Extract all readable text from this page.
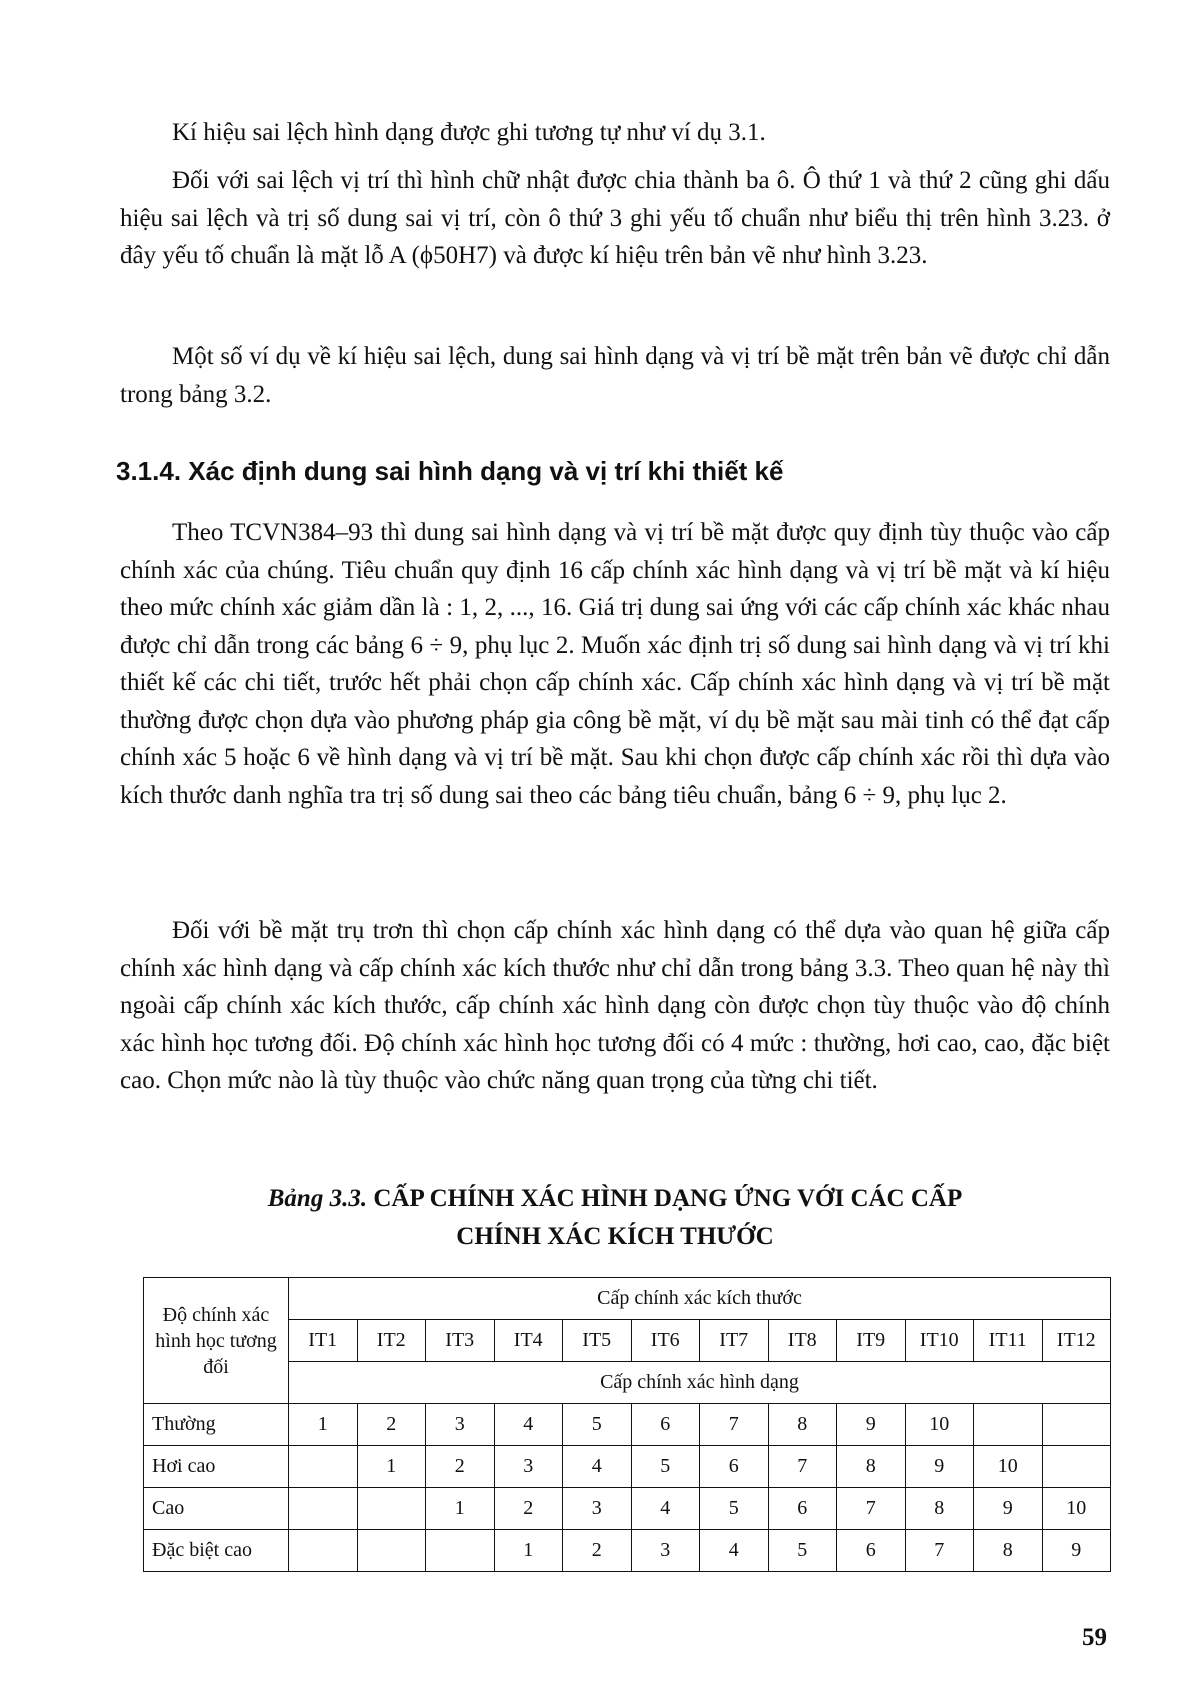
Kí hiệu sai lệch hình dạng được ghi tương tự như ví dụ 3.1.

Đối với sai lệch vị trí thì hình chữ nhật được chia thành ba ô. Ô thứ 1 và thứ 2 cũng ghi dấu hiệu sai lệch và trị số dung sai vị trí, còn ô thứ 3 ghi yếu tố chuẩn như biểu thị trên hình 3.23. ở đây yếu tố chuẩn là mặt lỗ A (ϕ50H7) và được kí hiệu trên bản vẽ như hình 3.23.

Một số ví dụ về kí hiệu sai lệch, dung sai hình dạng và vị trí bề mặt trên bản vẽ được chỉ dẫn trong bảng 3.2.

3.1.4. Xác định dung sai hình dạng và vị trí khi thiết kế

Theo TCVN384–93 thì dung sai hình dạng và vị trí bề mặt được quy định tùy thuộc vào cấp chính xác của chúng. Tiêu chuẩn quy định 16 cấp chính xác hình dạng và vị trí bề mặt và kí hiệu theo mức chính xác giảm dần là : 1, 2, ..., 16. Giá trị dung sai ứng với các cấp chính xác khác nhau được chỉ dẫn trong các bảng 6 ÷ 9, phụ lục 2. Muốn xác định trị số dung sai hình dạng và vị trí khi thiết kế các chi tiết, trước hết phải chọn cấp chính xác. Cấp chính xác hình dạng và vị trí bề mặt thường được chọn dựa vào phương pháp gia công bề mặt, ví dụ bề mặt sau mài tinh có thể đạt cấp chính xác 5 hoặc 6 về hình dạng và vị trí bề mặt. Sau khi chọn được cấp chính xác rồi thì dựa vào kích thước danh nghĩa tra trị số dung sai theo các bảng tiêu chuẩn, bảng 6 ÷ 9, phụ lục 2.

Đối với bề mặt trụ trơn thì chọn cấp chính xác hình dạng có thể dựa vào quan hệ giữa cấp chính xác hình dạng và cấp chính xác kích thước như chỉ dẫn trong bảng 3.3. Theo quan hệ này thì ngoài cấp chính xác kích thước, cấp chính xác hình dạng còn được chọn tùy thuộc vào độ chính xác hình học tương đối. Độ chính xác hình học tương đối có 4 mức : thường, hơi cao, cao, đặc biệt cao. Chọn mức nào là tùy thuộc vào chức năng quan trọng của từng chi tiết.

Bảng 3.3. CẤP CHÍNH XÁC HÌNH DẠNG ỨNG VỚI CÁC CẤP
CHÍNH XÁC KÍCH THƯỚC
Độ chính xác hình học tương đối	Cấp chính xác kích thước											
	IT1	IT2	IT3	IT4	IT5	IT6	IT7	IT8	IT9	IT10	IT11	IT12
	Cấp chính xác hình dạng											
Thường	1	2	3	4	5	6	7	8	9	10		
Hơi cao		1	2	3	4	5	6	7	8	9	10	
Cao			1	2	3	4	5	6	7	8	9	10
Đặc biệt cao				1	2	3	4	5	6	7	8	9
59
